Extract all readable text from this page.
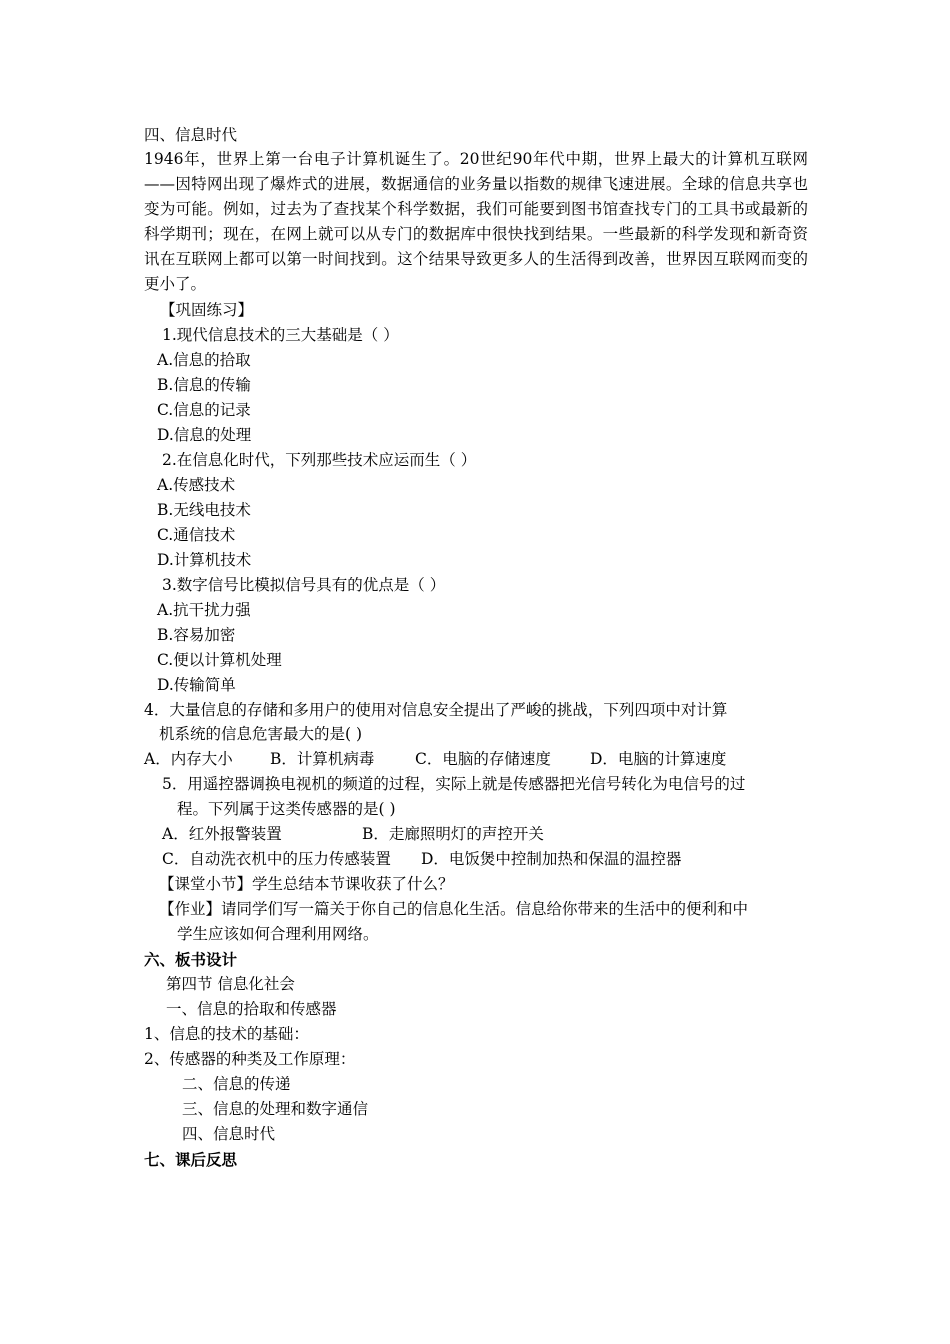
四、信息时代
1946年，世界上第一台电子计算机诞生了。20世纪90年代中期，世界上最大的计算机互联网——因特网出现了爆炸式的进展，数据通信的业务量以指数的规律飞速进展。全球的信息共享也变为可能。例如，过去为了查找某个科学数据，我们可能要到图书馆查找专门的工具书或最新的科学期刊；现在，在网上就可以从专门的数据库中很快找到结果。一些最新的科学发现和新奇资讯在互联网上都可以第一时间找到。这个结果导致更多人的生活得到改善，世界因互联网而变的更小了。
【巩固练习】
1.现代信息技术的三大基础是（ ）
A.信息的拾取
B.信息的传输
C.信息的记录
D.信息的处理
2.在信息化时代，下列那些技术应运而生（ ）
A.传感技术
B.无线电技术
C.通信技术
D.计算机技术
3.数字信号比模拟信号具有的优点是（ ）
A.抗干扰力强
B.容易加密
C.便以计算机处理
D.传输简单
4．大量信息的存储和多用户的使用对信息安全提出了严峻的挑战，下列四项中对计算
机系统的信息危害最大的是( )
A．内存大小 B．计算机病毒	C．电脑的存储速度	D．电脑的计算速度
5．用遥控器调换电视机的频道的过程，实际上就是传感器把光信号转化为电信号的过
程。下列属于这类传感器的是( )
A．红外报警装置	B．走廊照明灯的声控开关
C．自动洗衣机中的压力传感装置 D．电饭煲中控制加热和保温的温控器
【课堂小节】学生总结本节课收获了什么？
【作业】请同学们写一篇关于你自己的信息化生活。信息给你带来的生活中的便利和中
学生应该如何合理利用网络。
六、板书设计
第四节 信息化社会
一、信息的拾取和传感器
1、信息的技术的基础：
2、传感器的种类及工作原理：
二、信息的传递
三、信息的处理和数字通信
四、信息时代
七、课后反思
